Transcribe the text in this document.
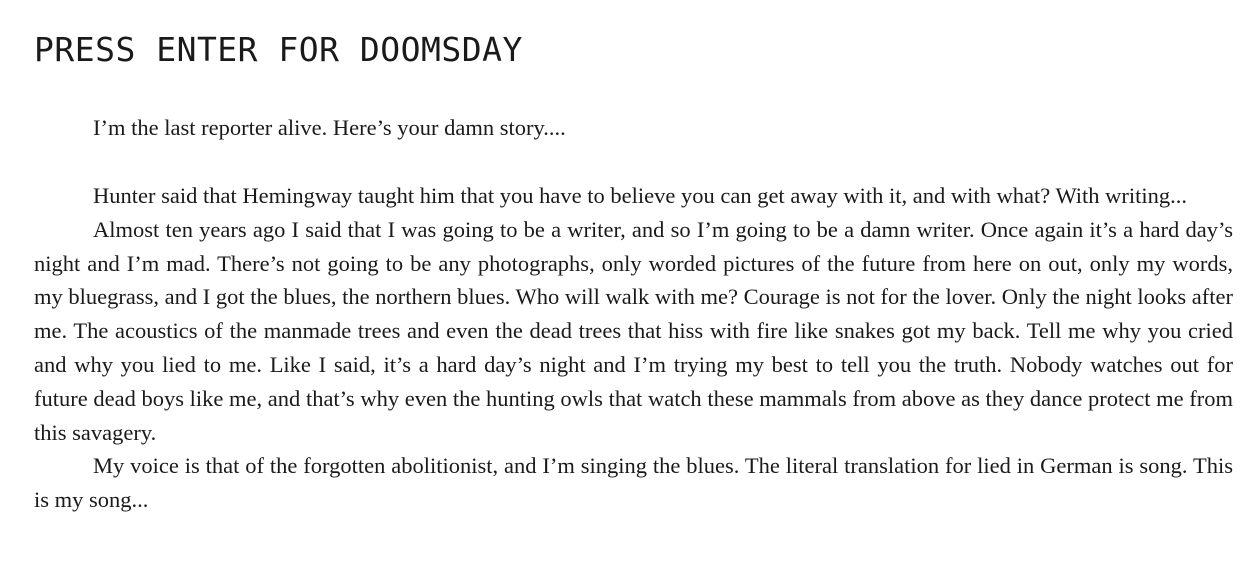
PRESS ENTER FOR DOOMSDAY

I’m the last reporter alive. Here’s your damn story....

Hunter said that Hemingway taught him that you have to believe you can get away with it, and with what? With writing...

Almost ten years ago I said that I was going to be a writer, and so I’m going to be a damn writer. Once again it’s a hard day’s night and I’m mad. There’s not going to be any photographs, only worded pictures of the future from here on out, only my words, my bluegrass, and I got the blues, the northern blues. Who will walk with me? Courage is not for the lover. Only the night looks after me. The acoustics of the manmade trees and even the dead trees that hiss with fire like snakes got my back. Tell me why you cried and why you lied to me. Like I said, it’s a hard day’s night and I’m trying my best to tell you the truth. Nobody watches out for future dead boys like me, and that’s why even the hunting owls that watch these mammals from above as they dance protect me from this savagery.

My voice is that of the forgotten abolitionist, and I’m singing the blues. The literal translation for lied in German is song. This is my song...
